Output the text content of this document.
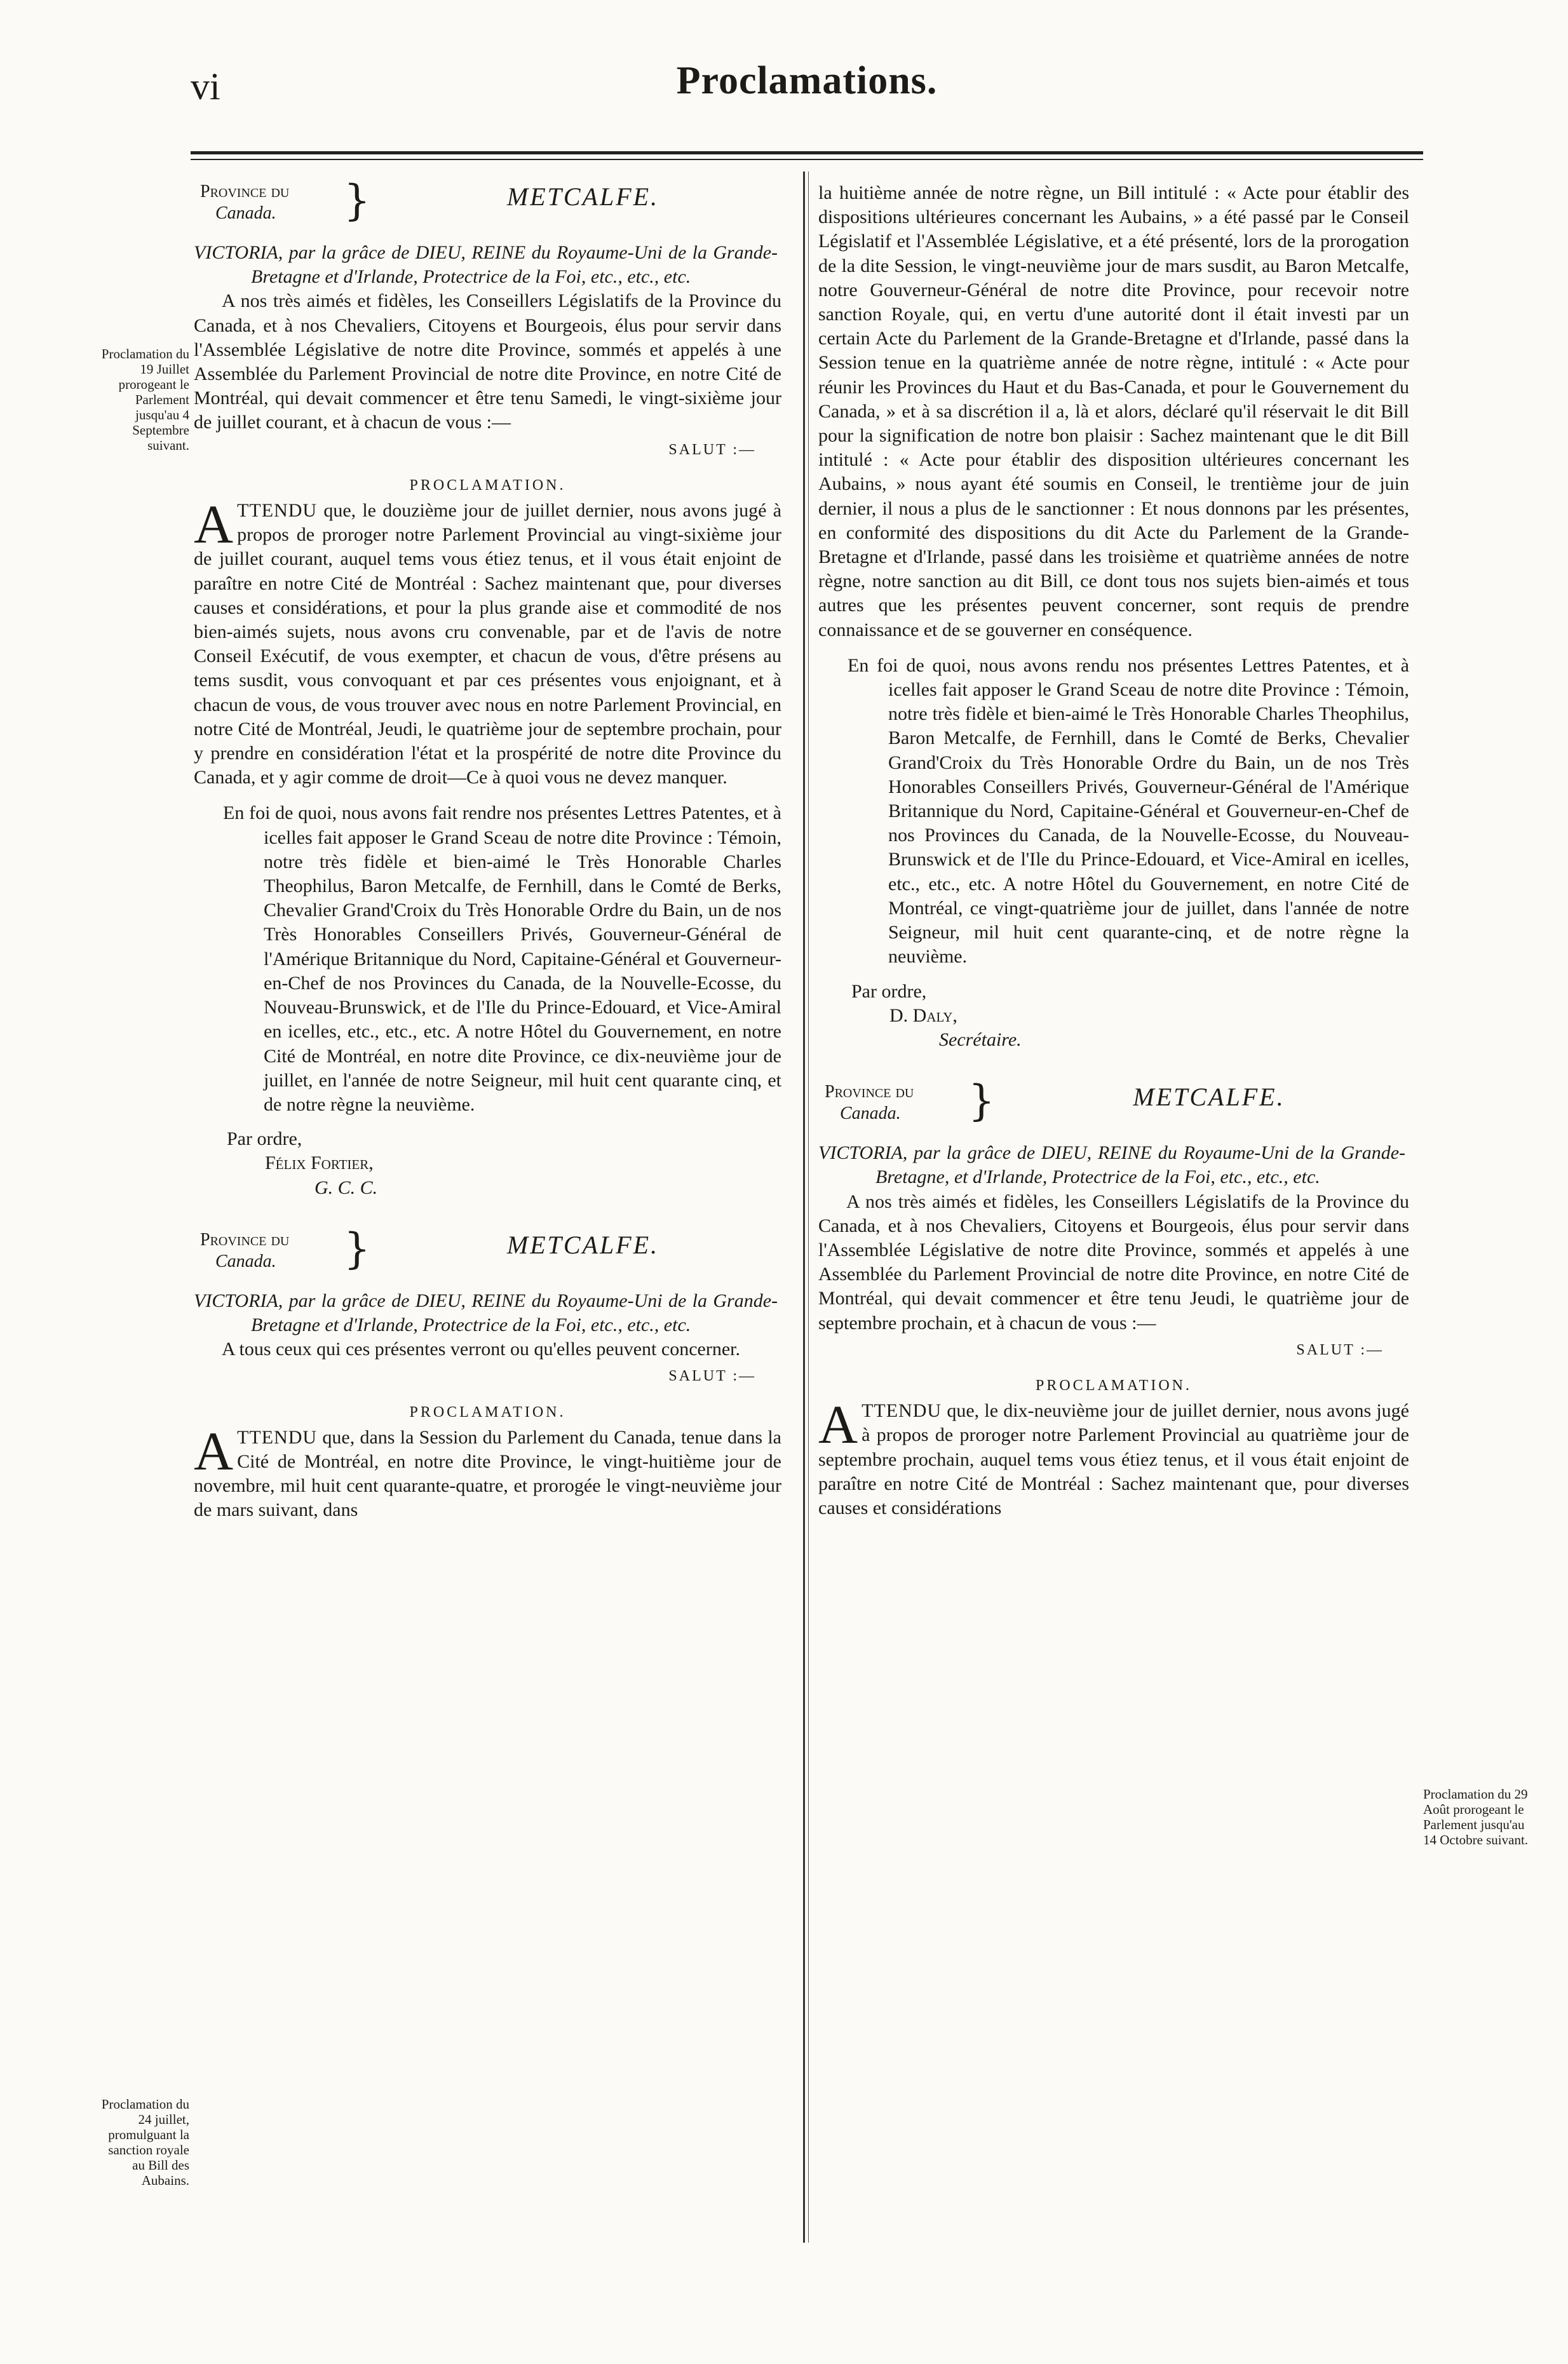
vi	Proclamations.
Proclamation du 19 Juillet prorogeant le Parlement jusqu'au 4 Septembre suivant.
Proclamation du 24 juillet, promulguant la sanction royale au Bill des Aubains.
Proclamation du 29 Août prorogeant le Parlement jusqu'au 14 Octobre suivant.
Province du
Canada.	}	METCALFE.

VICTORIA, par la grâce de DIEU, REINE du Royaume-Uni de la Grande-Bretagne et d'Irlande, Protectrice de la Foi, etc., etc., etc.

A nos très aimés et fidèles, les Conseillers Législatifs de la Province du Canada, et à nos Chevaliers, Citoyens et Bourgeois, élus pour servir dans l'Assemblée Législative de notre dite Province, sommés et appelés à une Assemblée du Parlement Provincial de notre dite Province, en notre Cité de Montréal, qui devait commencer et être tenu Samedi, le vingt-sixième jour de juillet courant, et à chacun de vous :—

SALUT :—

PROCLAMATION.

ATTENDU que, le douzième jour de juillet dernier, nous avons jugé à propos de proroger notre Parlement Provincial au vingt-sixième jour de juillet courant, auquel tems vous étiez tenus, et il vous était enjoint de paraître en notre Cité de Montréal : Sachez maintenant que, pour diverses causes et considérations, et pour la plus grande aise et commodité de nos bien-aimés sujets, nous avons cru convenable, par et de l'avis de notre Conseil Exécutif, de vous exempter, et chacun de vous, d'être présens au tems susdit, vous convoquant et par ces présentes vous enjoignant, et à chacun de vous, de vous trouver avec nous en notre Parlement Provincial, en notre Cité de Montréal, Jeudi, le quatrième jour de septembre prochain, pour y prendre en considération l'état et la prospérité de notre dite Province du Canada, et y agir comme de droit—Ce à quoi vous ne devez manquer.

En foi de quoi, nous avons fait rendre nos présentes Lettres Patentes, et à icelles fait apposer le Grand Sceau de notre dite Province : Témoin, notre très fidèle et bien-aimé le Très Honorable Charles Theophilus, Baron Metcalfe, de Fernhill, dans le Comté de Berks, Chevalier Grand'Croix du Très Honorable Ordre du Bain, un de nos Très Honorables Conseillers Privés, Gouverneur-Général de l'Amérique Britannique du Nord, Capitaine-Général et Gouverneur-en-Chef de nos Provinces du Canada, de la Nouvelle-Ecosse, du Nouveau-Brunswick, et de l'Ile du Prince-Edouard, et Vice-Amiral en icelles, etc., etc., etc. A notre Hôtel du Gouvernement, en notre Cité de Montréal, en notre dite Province, ce dix-neuvième jour de juillet, en l'année de notre Seigneur, mil huit cent quarante cinq, et de notre règne la neuvième.

Par ordre,

Félix Fortier,

G. C. C.

Province du
Canada.	}	METCALFE.

VICTORIA, par la grâce de DIEU, REINE du Royaume-Uni de la Grande-Bretagne et d'Irlande, Protectrice de la Foi, etc., etc., etc.

A tous ceux qui ces présentes verront ou qu'elles peuvent concerner.

SALUT :—

PROCLAMATION.

ATTENDU que, dans la Session du Parlement du Canada, tenue dans la Cité de Montréal, en notre dite Province, le vingt-huitième jour de novembre, mil huit cent quarante-quatre, et prorogée le vingt-neuvième jour de mars suivant, dans

la huitième année de notre règne, un Bill intitulé : « Acte pour établir des dispositions ultérieures concernant les Aubains, » a été passé par le Conseil Législatif et l'Assemblée Législative, et a été présenté, lors de la prorogation de la dite Session, le vingt-neuvième jour de mars susdit, au Baron Metcalfe, notre Gouverneur-Général de notre dite Province, pour recevoir notre sanction Royale, qui, en vertu d'une autorité dont il était investi par un certain Acte du Parlement de la Grande-Bretagne et d'Irlande, passé dans la Session tenue en la quatrième année de notre règne, intitulé : « Acte pour réunir les Provinces du Haut et du Bas-Canada, et pour le Gouvernement du Canada, » et à sa discrétion il a, là et alors, déclaré qu'il réservait le dit Bill pour la signification de notre bon plaisir : Sachez maintenant que le dit Bill intitulé : « Acte pour établir des disposition ultérieures concernant les Aubains, » nous ayant été soumis en Conseil, le trentième jour de juin dernier, il nous a plus de le sanctionner : Et nous donnons par les présentes, en conformité des dispositions du dit Acte du Parlement de la Grande-Bretagne et d'Irlande, passé dans les troisième et quatrième années de notre règne, notre sanction au dit Bill, ce dont tous nos sujets bien-aimés et tous autres que les présentes peuvent concerner, sont requis de prendre connaissance et de se gouverner en conséquence.

En foi de quoi, nous avons rendu nos présentes Lettres Patentes, et à icelles fait apposer le Grand Sceau de notre dite Province : Témoin, notre très fidèle et bien-aimé le Très Honorable Charles Theophilus, Baron Metcalfe, de Fernhill, dans le Comté de Berks, Chevalier Grand'Croix du Très Honorable Ordre du Bain, un de nos Très Honorables Conseillers Privés, Gouverneur-Général de l'Amérique Britannique du Nord, Capitaine-Général et Gouverneur-en-Chef de nos Provinces du Canada, de la Nouvelle-Ecosse, du Nouveau-Brunswick et de l'Ile du Prince-Edouard, et Vice-Amiral en icelles, etc., etc., etc. A notre Hôtel du Gouvernement, en notre Cité de Montréal, ce vingt-quatrième jour de juillet, dans l'année de notre Seigneur, mil huit cent quarante-cinq, et de notre règne la neuvième.

Par ordre,

D. Daly,

Secrétaire.

Province du
Canada.	}	METCALFE.

VICTORIA, par la grâce de DIEU, REINE du Royaume-Uni de la Grande-Bretagne, et d'Irlande, Protectrice de la Foi, etc., etc., etc.

A nos très aimés et fidèles, les Conseillers Législatifs de la Province du Canada, et à nos Chevaliers, Citoyens et Bourgeois, élus pour servir dans l'Assemblée Législative de notre dite Province, sommés et appelés à une Assemblée du Parlement Provincial de notre dite Province, en notre Cité de Montréal, qui devait commencer et être tenu Jeudi, le quatrième jour de septembre prochain, et à chacun de vous :—

SALUT :—

PROCLAMATION.

ATTENDU que, le dix-neuvième jour de juillet dernier, nous avons jugé à propos de proroger notre Parlement Provincial au quatrième jour de septembre prochain, auquel tems vous étiez tenus, et il vous était enjoint de paraître en notre Cité de Montréal : Sachez maintenant que, pour diverses causes et considérations
